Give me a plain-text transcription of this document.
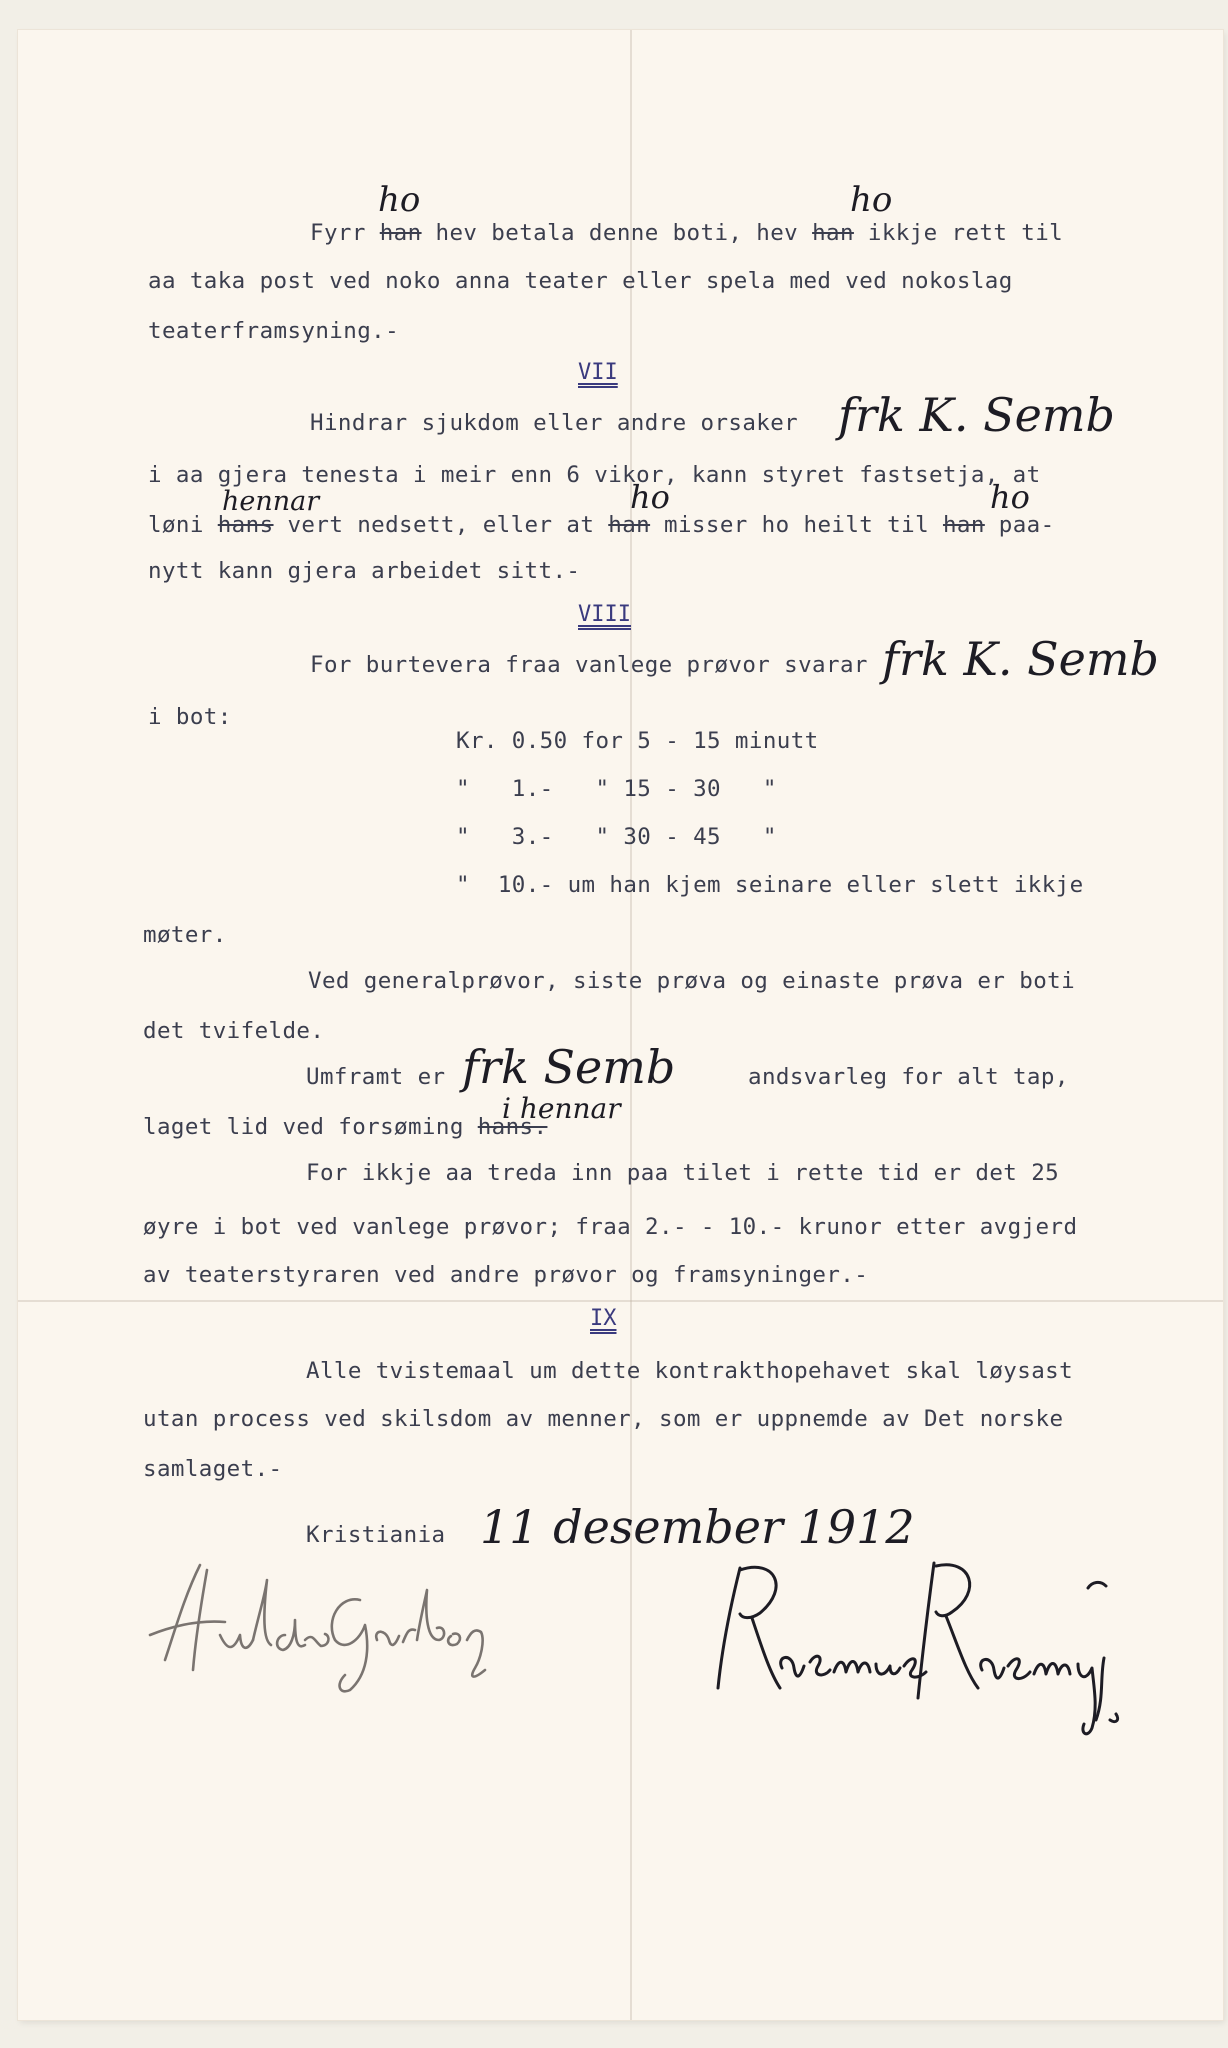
Fyrr han hev betala denne boti, hev han ikkje rett til
ho	ho
aa taka post ved noko anna teater eller spela med ved nokoslag
teaterframsyning.-
VII
Hindrar sjukdom eller andre orsaker frk K. Semb
i aa gjera tenesta i meir enn 6 vikor, kann styret fastsetja, at
løni hans vert nedsett, eller at han misser ho heilt til han paa-
hennar	ho	ho
nytt kann gjera arbeidet sitt.-
VIII
For burtevera fraa vanlege prøvor svarar frk K. Semb
i bot:
Kr. 0.50 for 5 - 15 minutt
"   1.-   " 15 - 30   "
"   3.-   " 30 - 45   "
"  10.- um han kjem seinare eller slett ikkje
møter.
Ved generalprøvor, siste prøva og einaste prøva er boti
det tvifelde.
Umframt er frk Semb	andsvarleg for alt tap,
laget lid ved forsøming hans.
i hennar
For ikkje aa treda inn paa tilet i rette tid er det 25
øyre i bot ved vanlege prøvor; fraa 2.- - 10.- krunor etter avgjerd
av teaterstyraren ved andre prøvor og framsyninger.-
IX
Alle tvistemaal um dette kontrakthopehavet skal løysast
utan process ved skilsdom av menner, som er uppnemde av Det norske
samlaget.-
Kristiania 11 desember 1912
